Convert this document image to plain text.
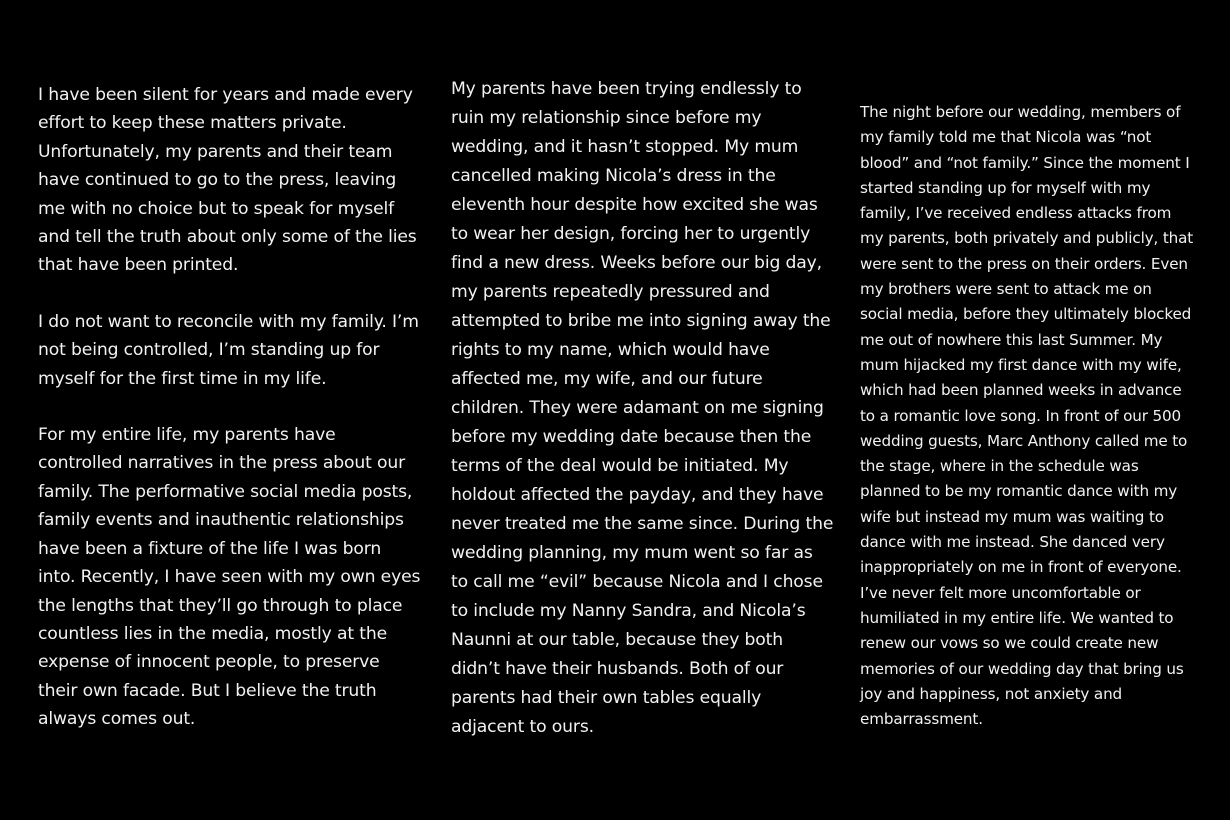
I have been silent for years and made every
effort to keep these matters private.
Unfortunately, my parents and their team
have continued to go to the press, leaving
me with no choice but to speak for myself
and tell the truth about only some of the lies
that have been printed.
I do not want to reconcile with my family. I’m
not being controlled, I’m standing up for
myself for the first time in my life.
For my entire life, my parents have
controlled narratives in the press about our
family. The performative social media posts,
family events and inauthentic relationships
have been a fixture of the life I was born
into. Recently, I have seen with my own eyes
the lengths that they’ll go through to place
countless lies in the media, mostly at the
expense of innocent people, to preserve
their own facade. But I believe the truth
always comes out.
My parents have been trying endlessly to
ruin my relationship since before my
wedding, and it hasn’t stopped. My mum
cancelled making Nicola’s dress in the
eleventh hour despite how excited she was
to wear her design, forcing her to urgently
find a new dress. Weeks before our big day,
my parents repeatedly pressured and
attempted to bribe me into signing away the
rights to my name, which would have
affected me, my wife, and our future
children. They were adamant on me signing
before my wedding date because then the
terms of the deal would be initiated. My
holdout affected the payday, and they have
never treated me the same since. During the
wedding planning, my mum went so far as
to call me “evil” because Nicola and I chose
to include my Nanny Sandra, and Nicola’s
Naunni at our table, because they both
didn’t have their husbands. Both of our
parents had their own tables equally
adjacent to ours.
The night before our wedding, members of
my family told me that Nicola was “not
blood” and “not family.” Since the moment I
started standing up for myself with my
family, I’ve received endless attacks from
my parents, both privately and publicly, that
were sent to the press on their orders. Even
my brothers were sent to attack me on
social media, before they ultimately blocked
me out of nowhere this last Summer. My
mum hijacked my first dance with my wife,
which had been planned weeks in advance
to a romantic love song. In front of our 500
wedding guests, Marc Anthony called me to
the stage, where in the schedule was
planned to be my romantic dance with my
wife but instead my mum was waiting to
dance with me instead. She danced very
inappropriately on me in front of everyone.
I’ve never felt more uncomfortable or
humiliated in my entire life. We wanted to
renew our vows so we could create new
memories of our wedding day that bring us
joy and happiness, not anxiety and
embarrassment.
